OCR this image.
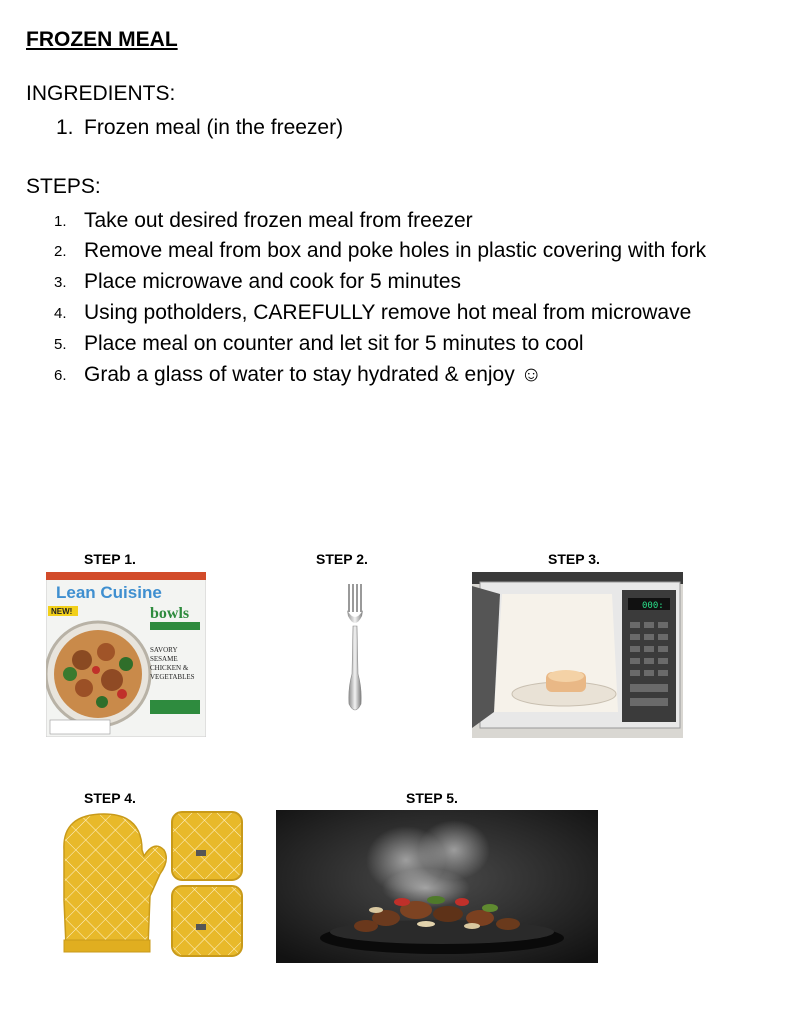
FROZEN MEAL
INGREDIENTS:
1. Frozen meal (in the freezer)
STEPS:
1. Take out desired frozen meal from freezer
2. Remove meal from box and poke holes in plastic covering with fork
3. Place microwave and cook for 5 minutes
4. Using potholders, CAREFULLY remove hot meal from microwave
5. Place meal on counter and let sit for 5 minutes to cool
6. Grab a glass of water to stay hydrated & enjoy ☺
STEP 1.
Lean Cuisine
NEW!	bowls
SAVORY
SESAME
CHICKEN &
VEGETABLES
STEP 2.	STEP 3.
000:
STEP 4.	STEP 5.
